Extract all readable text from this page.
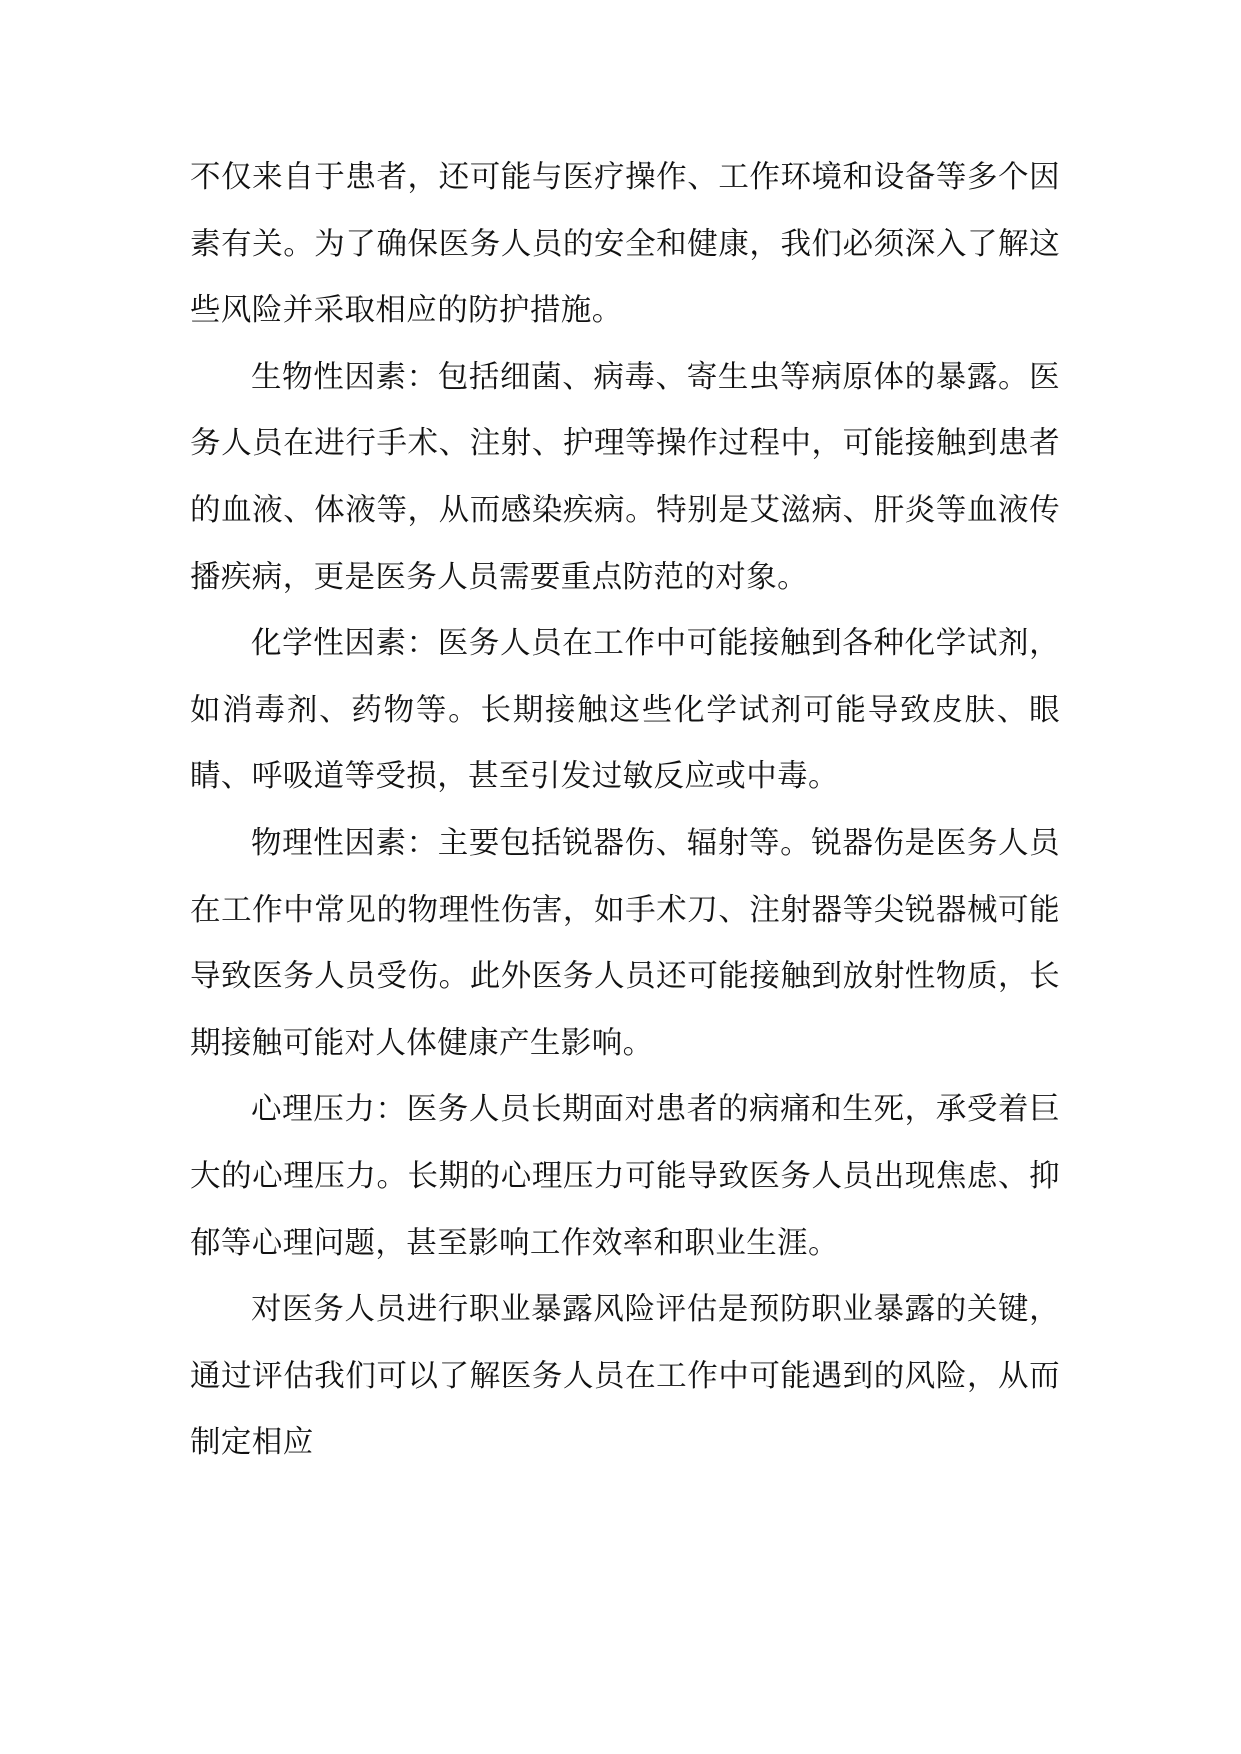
不仅来自于患者，还可能与医疗操作、工作环境和设备等多个因素有关。为了确保医务人员的安全和健康，我们必须深入了解这些风险并采取相应的防护措施。

生物性因素：包括细菌、病毒、寄生虫等病原体的暴露。医务人员在进行手术、注射、护理等操作过程中，可能接触到患者的血液、体液等，从而感染疾病。特别是艾滋病、肝炎等血液传播疾病，更是医务人员需要重点防范的对象。

化学性因素：医务人员在工作中可能接触到各种化学试剂，如消毒剂、药物等。长期接触这些化学试剂可能导致皮肤、眼睛、呼吸道等受损，甚至引发过敏反应或中毒。

物理性因素：主要包括锐器伤、辐射等。锐器伤是医务人员在工作中常见的物理性伤害，如手术刀、注射器等尖锐器械可能导致医务人员受伤。此外医务人员还可能接触到放射性物质，长期接触可能对人体健康产生影响。

心理压力：医务人员长期面对患者的病痛和生死，承受着巨大的心理压力。长期的心理压力可能导致医务人员出现焦虑、抑郁等心理问题，甚至影响工作效率和职业生涯。

对医务人员进行职业暴露风险评估是预防职业暴露的关键，通过评估我们可以了解医务人员在工作中可能遇到的风险，从而制定相应
